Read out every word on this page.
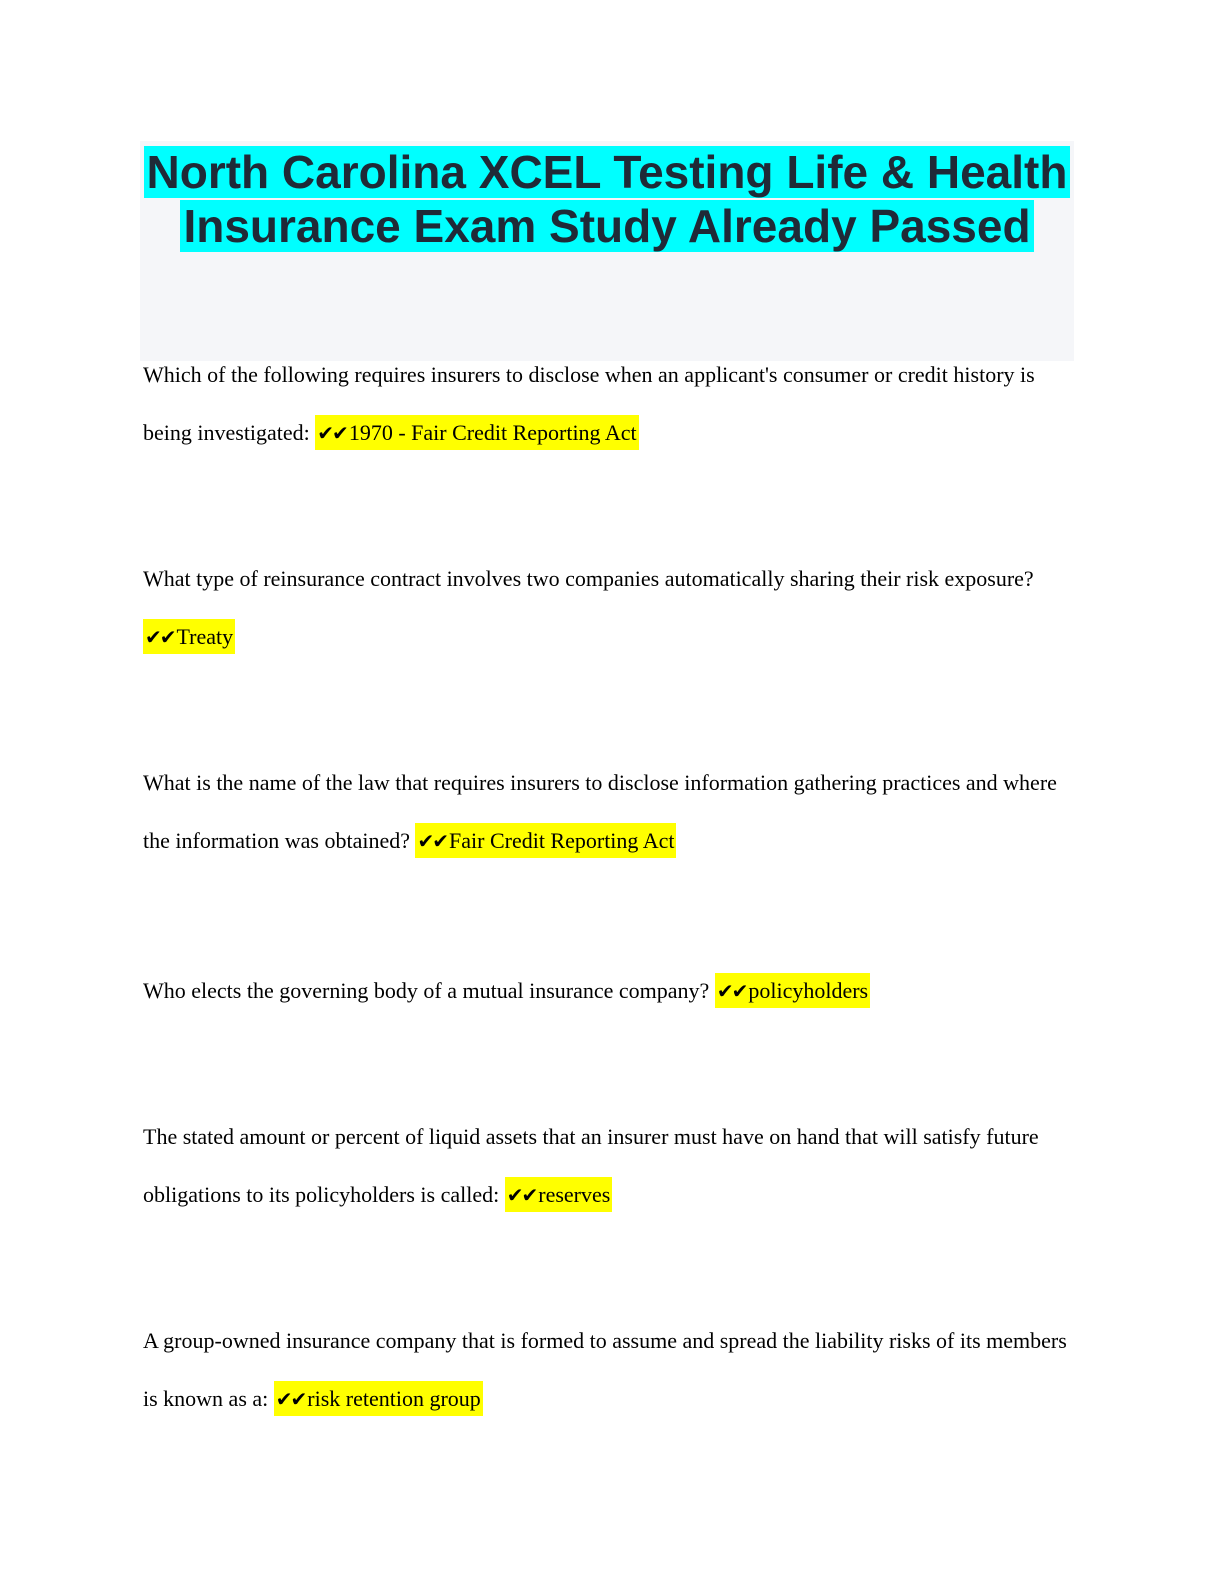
North Carolina XCEL Testing Life & Health Insurance Exam Study Already Passed

Which of the following requires insurers to disclose when an applicant's consumer or credit history is being investigated: ✔✔1970 - Fair Credit Reporting Act

What type of reinsurance contract involves two companies automatically sharing their risk exposure? ✔✔Treaty

What is the name of the law that requires insurers to disclose information gathering practices and where the information was obtained? ✔✔Fair Credit Reporting Act

Who elects the governing body of a mutual insurance company? ✔✔policyholders

The stated amount or percent of liquid assets that an insurer must have on hand that will satisfy future obligations to its policyholders is called: ✔✔reserves

A group-owned insurance company that is formed to assume and spread the liability risks of its members is known as a: ✔✔risk retention group
